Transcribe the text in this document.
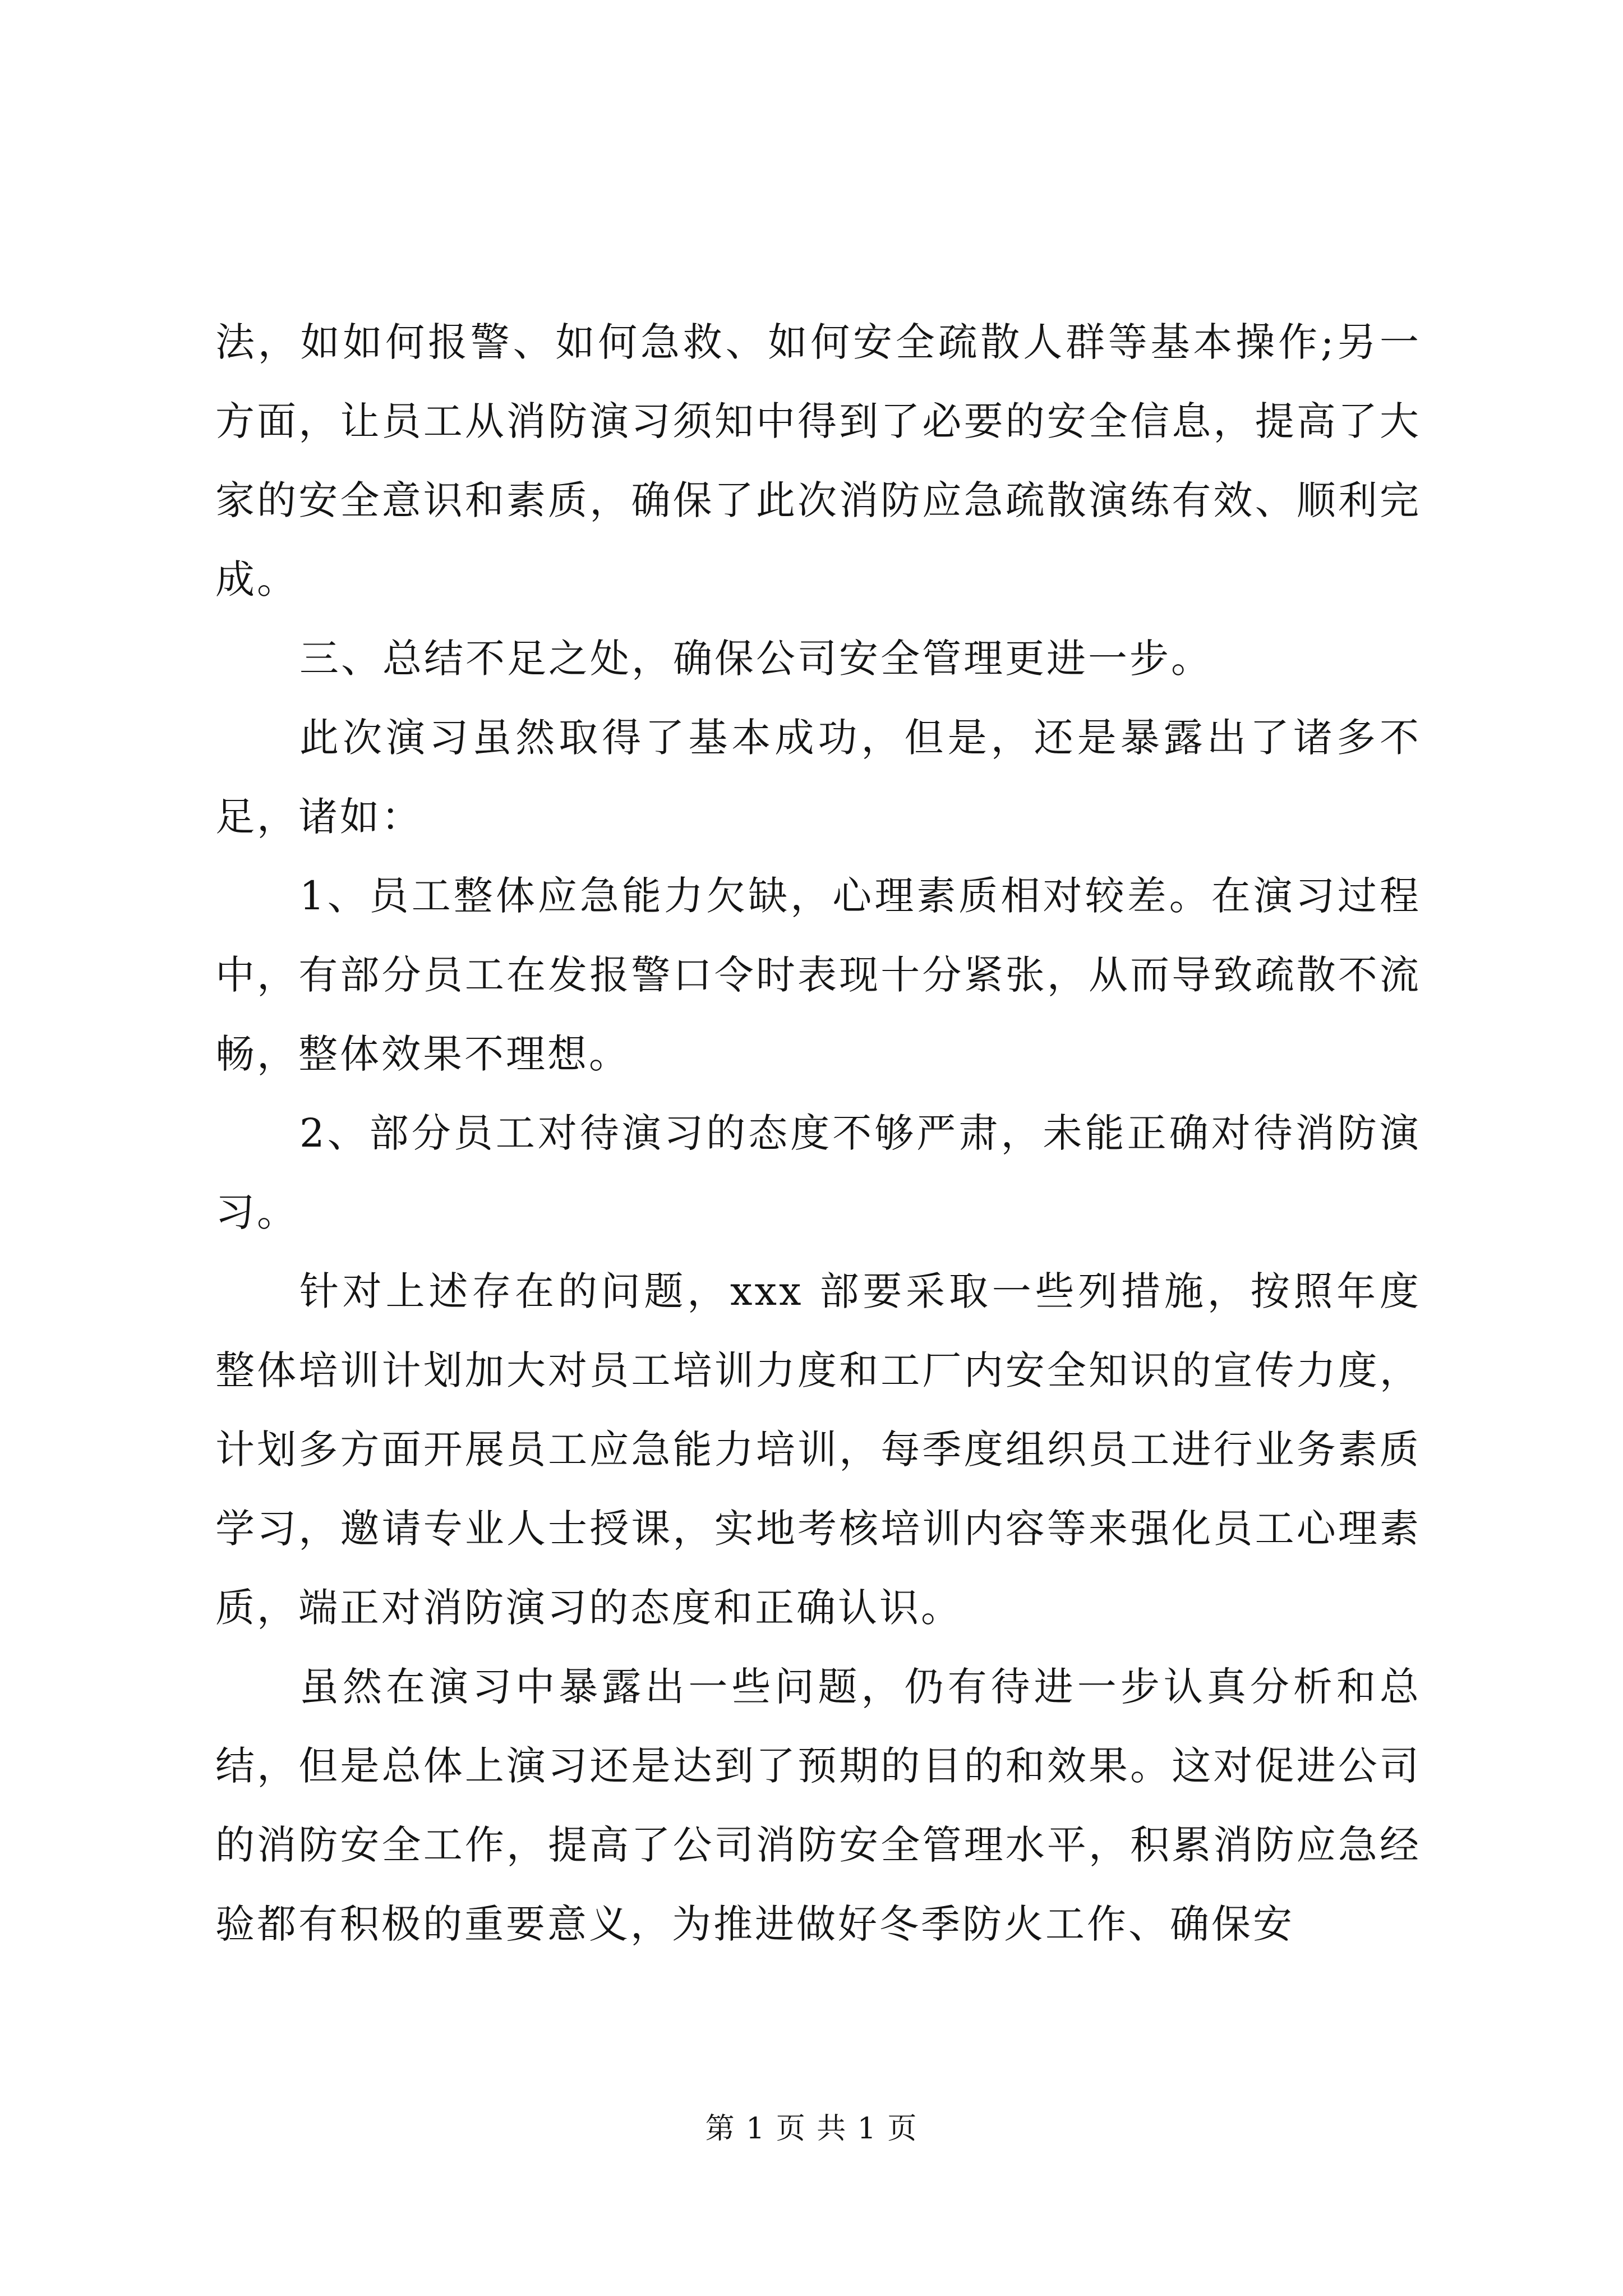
法，如如何报警、如何急救、如何安全疏散人群等基本操作;另一方面，让员工从消防演习须知中得到了必要的安全信息，提高了大家的安全意识和素质，确保了此次消防应急疏散演练有效、顺利完成。

三、总结不足之处，确保公司安全管理更进一步。

此次演习虽然取得了基本成功，但是，还是暴露出了诸多不足，诸如：

1、员工整体应急能力欠缺，心理素质相对较差。在演习过程中，有部分员工在发报警口令时表现十分紧张，从而导致疏散不流畅，整体效果不理想。

2、部分员工对待演习的态度不够严肃，未能正确对待消防演习。

针对上述存在的问题，xxx 部要采取一些列措施，按照年度整体培训计划加大对员工培训力度和工厂内安全知识的宣传力度，计划多方面开展员工应急能力培训，每季度组织员工进行业务素质学习，邀请专业人士授课，实地考核培训内容等来强化员工心理素质，端正对消防演习的态度和正确认识。

虽然在演习中暴露出一些问题，仍有待进一步认真分析和总结，但是总体上演习还是达到了预期的目的和效果。这对促进公司的消防安全工作，提高了公司消防安全管理水平，积累消防应急经验都有积极的重要意义，为推进做好冬季防火工作、确保安

第 1 页 共 1 页
